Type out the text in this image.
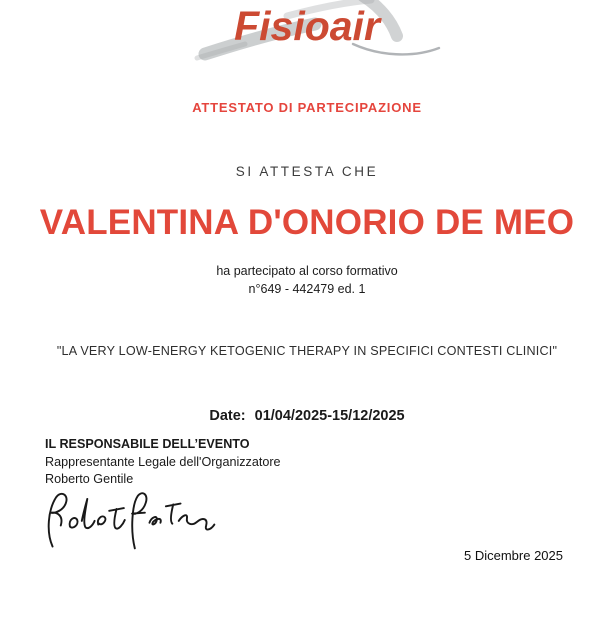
Fisioair
ATTESTATO DI PARTECIPAZIONE
SI ATTESTA CHE
VALENTINA D'ONORIO DE MEO
ha partecipato al corso formativo
n°649 - 442479 ed. 1
"LA VERY LOW-ENERGY KETOGENIC THERAPY IN SPECIFICI CONTESTI CLINICI"
Date: 01/04/2025-15/12/2025
IL RESPONSABILE DELL’EVENTO
Rappresentante Legale dell'Organizzatore
Roberto Gentile
5 Dicembre 2025
